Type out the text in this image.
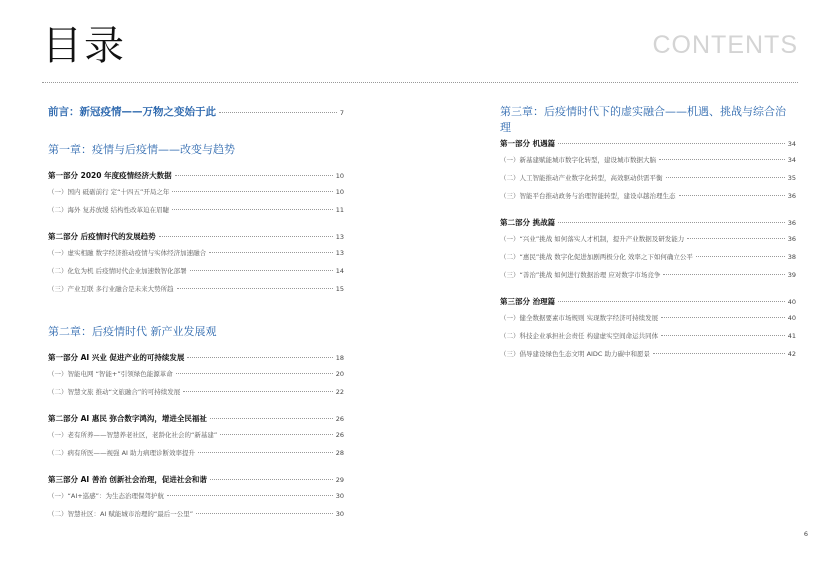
目录	CONTENTS
前言：新冠疫情——万物之变始于此	7
第一章：疫情与后疫情——改变与趋势
第一部分 2020 年度疫情经济大数据	10
（一）国内 砥砺前行 定“十四五”开局之年	10
（二）海外 复苏放缓 结构性改革迫在眉睫	11
第二部分 后疫情时代的发展趋势	13
（一）虚实相融 数字经济推动疫情与实体经济加速融合	13
（二）化危为机 后疫情时代企业加速数智化部署	14
（三）产业互联 多行业融合是未来大势所趋	15
第二章：后疫情时代 新产业发展观
第一部分 AI 兴业 促进产业的可持续发展	18
（一）智能电网 “智能+”引领绿色能源革命	20
（二）智慧文旅 推动“文旅融合”的可持续发展	22
第二部分 AI 惠民 弥合数字鸿沟，增进全民福祉	26
（一）老有所养——智慧养老社区，老龄化社会的“新基建”	26
（二）病有所医——视强 AI 助力病理诊断效率提升	28
第三部分 AI 善治 创新社会治理，促进社会和谐	29
（一）“AI+巡感”：为生态治理保驾护航	30
（二）智慧社区：AI 赋能城市治理的“最后一公里”	30
第三章：后疫情时代下的虚实融合——机遇、挑战与综合治理
第一部分 机遇篇	34
（一）新基建赋能城市数字化转型，建设城市数据大脑	34
（二）人工智能推动产业数字化转型，高效驱动供需平衡	35
（三）智能平台推动政务与治理智能转型，建设卓越治理生态	36
第二部分 挑战篇	36
（一）“兴业”挑战 如何落实人才机制，提升产业数据及研发能力	36
（二）“惠民”挑战 数字化促进加剧两极分化 效率之下如何确立公平	38
（三）“善治”挑战 如何进行数据治理 应对数字市场竞争	39
第三部分 治理篇	40
（一）健全数据要素市场规则 实现数字经济可持续发展	40
（二）科技企业承担社会责任 构建虚实空间命运共同体	41
（三）倡导建设绿色生态文明 AIDC 助力碳中和愿景	42
6
